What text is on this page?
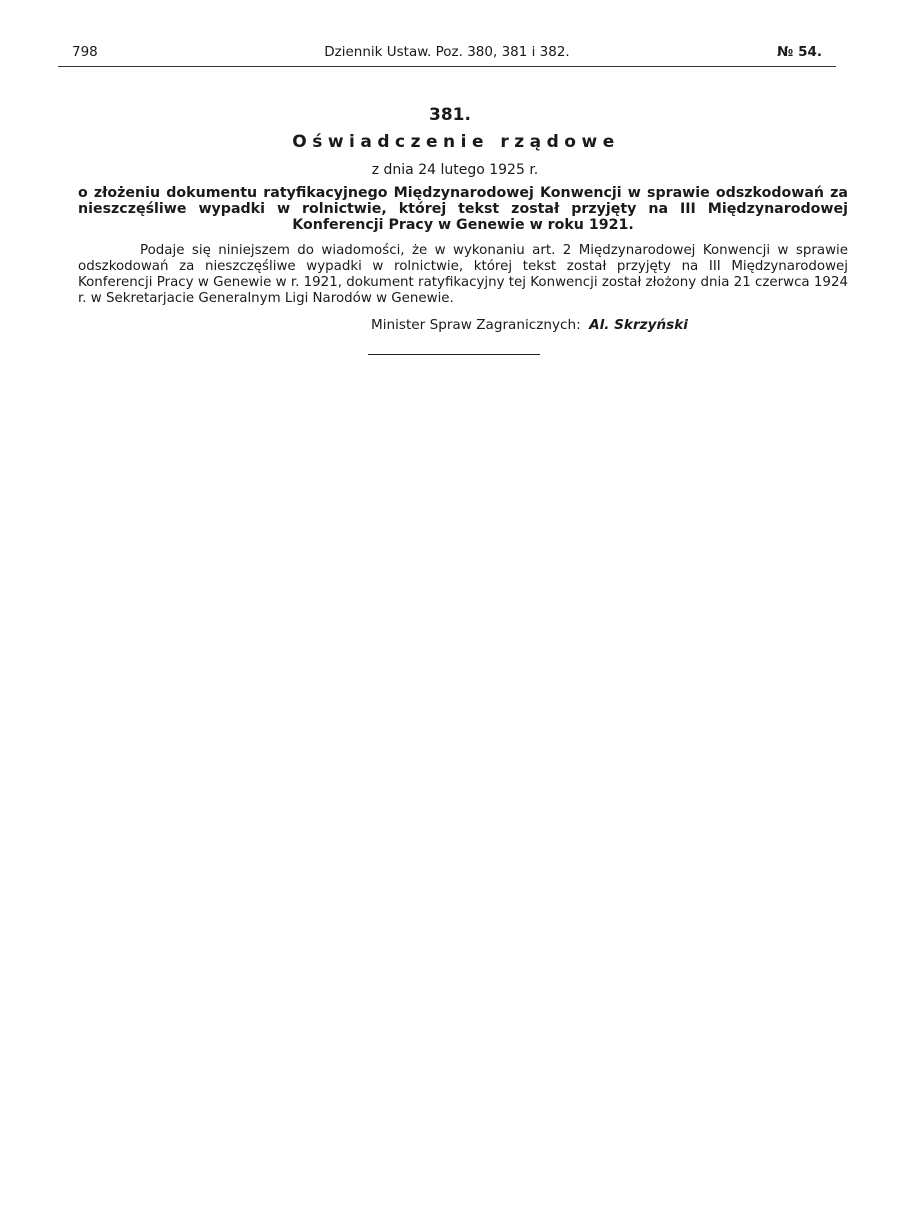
798	Dziennik Ustaw. Poz. 380, 381 i 382.	№ 54.
381.
Oświadczenie rządowe
z dnia 24 lutego 1925 r.
o złożeniu dokumentu ratyfikacyjnego Międzynarodowej Konwencji w sprawie odszkodowań za nieszczęśliwe wypadki w rolnictwie, której tekst został przyjęty na III Międzynarodowej Konferencji Pracy w Genewie w roku 1921.
Podaje się niniejszem do wiadomości, że w wykonaniu art. 2 Międzynarodowej Konwencji w sprawie odszkodowań za nieszczęśliwe wypadki w rolnictwie, której tekst został przyjęty na III Międzynarodowej Konferencji Pracy w Genewie w r. 1921, dokument ratyfikacyjny tej Konwencji został złożony dnia 21 czerwca 1924 r. w Sekretarjacie Generalnym Ligi Narodów w Genewie.
Minister Spraw Zagranicznych: Al. Skrzyński
